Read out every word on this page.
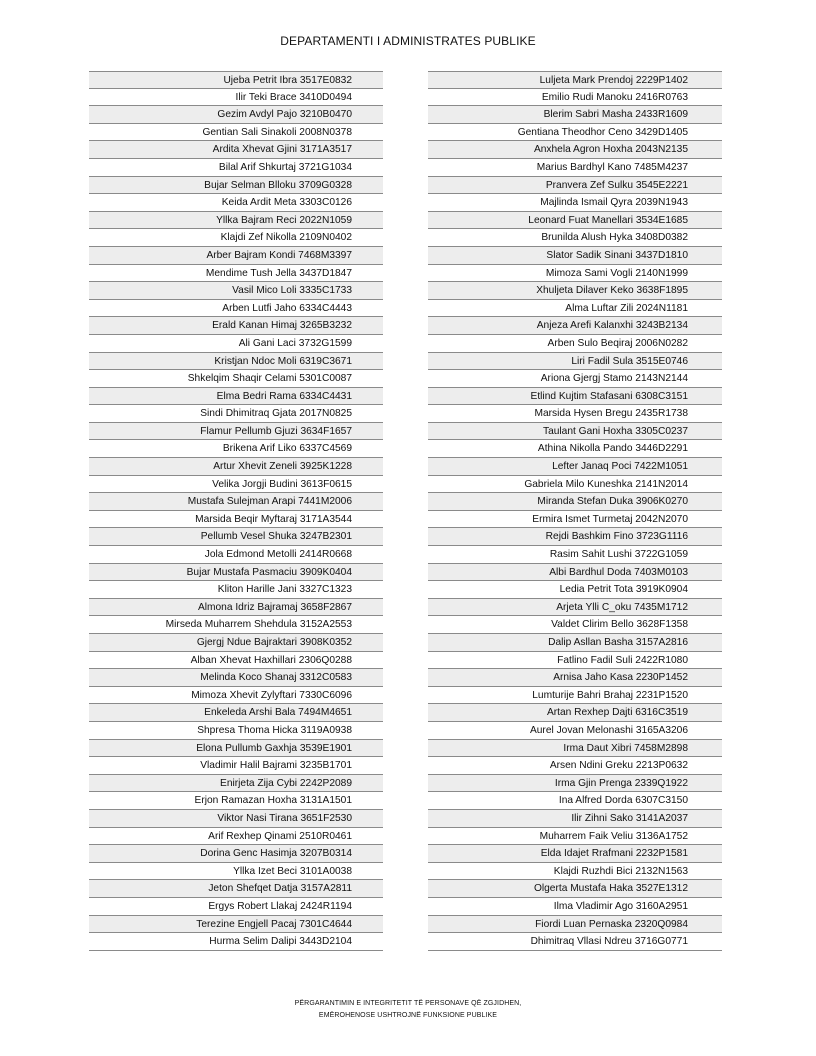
DEPARTAMENTI I ADMINISTRATES PUBLIKE
Ujeba Petrit Ibra 3517E0832
Ilir Teki Brace 3410D0494
Gezim Avdyl Pajo 3210B0470
Gentian Sali Sinakoli 2008N0378
Ardita Xhevat Gjini 3171A3517
Bilal Arif Shkurtaj 3721G1034
Bujar Selman Blloku 3709G0328
Keida Ardit Meta 3303C0126
Yllka Bajram Reci 2022N1059
Klajdi Zef Nikolla 2109N0402
Arber Bajram Kondi 7468M3397
Mendime Tush Jella 3437D1847
Vasil Mico Loli 3335C1733
Arben Lutfi Jaho 6334C4443
Erald Kanan Himaj 3265B3232
Ali Gani Laci 3732G1599
Kristjan Ndoc Moli 6319C3671
Shkelqim Shaqir Celami 5301C0087
Elma Bedri Rama 6334C4431
Sindi Dhimitraq Gjata 2017N0825
Flamur Pellumb Gjuzi 3634F1657
Brikena Arif Liko 6337C4569
Artur Xhevit Zeneli 3925K1228
Velika Jorgji Budini 3613F0615
Mustafa Sulejman Arapi 7441M2006
Marsida Beqir Myftaraj 3171A3544
Pellumb Vesel Shuka 3247B2301
Jola Edmond Metolli 2414R0668
Bujar Mustafa Pasmaciu 3909K0404
Kliton Harille Jani 3327C1323
Almona Idriz Bajramaj 3658F2867
Mirseda Muharrem Shehdula 3152A2553
Gjergj Ndue Bajraktari 3908K0352
Alban Xhevat Haxhillari 2306Q0288
Melinda Koco Shanaj 3312C0583
Mimoza Xhevit Zylyftari 7330C6096
Enkeleda Arshi Bala 7494M4651
Shpresa Thoma Hicka 3119A0938
Elona Pullumb Gaxhja 3539E1901
Vladimir Halil Bajrami 3235B1701
Enirjeta Zija Cybi 2242P2089
Erjon Ramazan Hoxha 3131A1501
Viktor Nasi Tirana 3651F2530
Arif Rexhep Qinami 2510R0461
Dorina Genc Hasimja 3207B0314
Yllka Izet Beci 3101A0038
Jeton Shefqet Datja 3157A2811
Ergys Robert Llakaj 2424R1194
Terezine Engjell Pacaj 7301C4644
Hurma Selim Dalipi 3443D2104
Luljeta Mark Prendoj 2229P1402
Emilio Rudi Manoku 2416R0763
Blerim Sabri Masha 2433R1609
Gentiana Theodhor Ceno 3429D1405
Anxhela Agron Hoxha 2043N2135
Marius Bardhyl Kano 7485M4237
Pranvera Zef Sulku 3545E2221
Majlinda Ismail Qyra 2039N1943
Leonard Fuat Manellari 3534E1685
Brunilda Alush Hyka 3408D0382
Slator Sadik Sinani 3437D1810
Mimoza Sami Vogli 2140N1999
Xhuljeta Dilaver Keko 3638F1895
Alma Luftar Zili 2024N1181
Anjeza Arefi Kalanxhi 3243B2134
Arben Sulo Beqiraj 2006N0282
Liri Fadil Sula 3515E0746
Ariona Gjergj Stamo 2143N2144
Etlind Kujtim Stafasani 6308C3151
Marsida Hysen Bregu 2435R1738
Taulant Gani Hoxha 3305C0237
Athina Nikolla Pando 3446D2291
Lefter Janaq Poci 7422M1051
Gabriela Milo Kuneshka 2141N2014
Miranda Stefan Duka 3906K0270
Ermira Ismet Turmetaj 2042N2070
Rejdi Bashkim Fino 3723G1116
Rasim Sahit Lushi 3722G1059
Albi Bardhul Doda 7403M0103
Ledia Petrit Tota 3919K0904
Arjeta Ylli C_oku 7435M1712
Valdet Clirim Bello 3628F1358
Dalip Asllan Basha 3157A2816
Fatlino Fadil Suli 2422R1080
Arnisa Jaho Kasa 2230P1452
Lumturije Bahri Brahaj 2231P1520
Artan Rexhep Dajti 6316C3519
Aurel Jovan Melonashi 3165A3206
Irma Daut Xibri 7458M2898
Arsen Ndini Greku 2213P0632
Irma Gjin Prenga 2339Q1922
Ina Alfred Dorda 6307C3150
Ilir Zihni Sako 3141A2037
Muharrem Faik Veliu 3136A1752
Elda Idajet Rrafmani 2232P1581
Klajdi Ruzhdi Bici 2132N1563
Olgerta Mustafa Haka 3527E1312
Ilma Vladimir Ago 3160A2951
Fiordi Luan Pernaska 2320Q0984
Dhimitraq Vllasi Ndreu 3716G0771
PËRGARANTIMIN E INTEGRITETIT TË PERSONAVE QË ZGJIDHEN,
EMËROHENOSE USHTROJNË FUNKSIONE PUBLIKE
